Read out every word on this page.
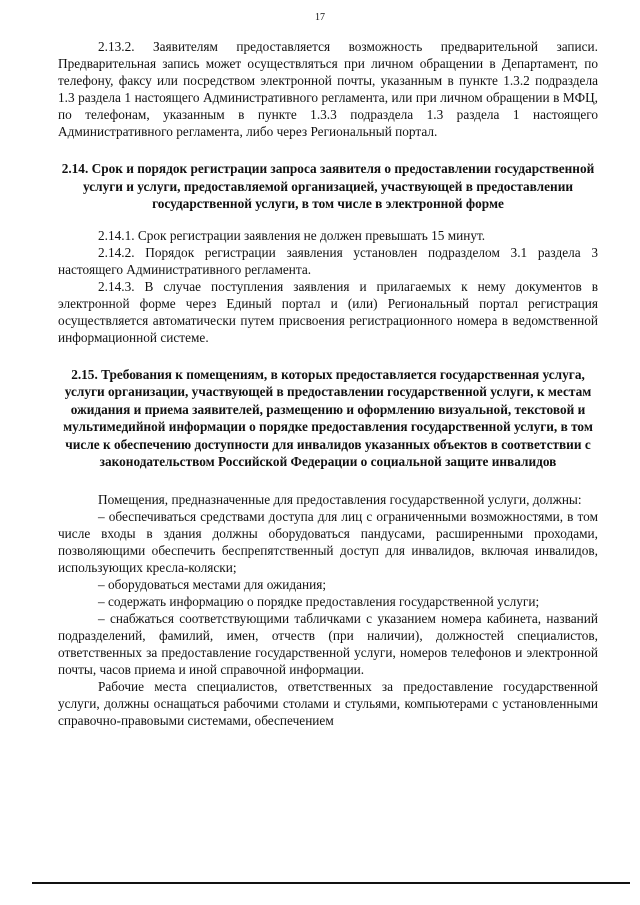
17

2.13.2. Заявителям предоставляется возможность предварительной записи. Предварительная запись может осуществляться при личном обращении в Департамент, по телефону, факсу или посредством электронной почты, указанным в пункте 1.3.2 подраздела 1.3 раздела 1 настоящего Административного регламента, или при личном обращении в МФЦ, по телефонам, указанным в пункте 1.3.3 подраздела 1.3 раздела 1 настоящего Административного регламента, либо через Региональный портал.

2.14. Срок и порядок регистрации запроса заявителя о предоставлении государственной услуги и услуги, предоставляемой организацией, участвующей в предоставлении государственной услуги, в том числе в электронной форме

2.14.1. Срок регистрации заявления не должен превышать 15 минут.

2.14.2. Порядок регистрации заявления установлен подразделом 3.1 раздела 3 настоящего Административного регламента.

2.14.3. В случае поступления заявления и прилагаемых к нему документов в электронной форме через Единый портал и (или) Региональный портал регистрация осуществляется автоматически путем присвоения регистрационного номера в ведомственной информационной системе.

2.15. Требования к помещениям, в которых предоставляется государственная услуга, услуги организации, участвующей в предоставлении государственной услуги, к местам ожидания и приема заявителей, размещению и оформлению визуальной, текстовой и мультимедийной информации о порядке предоставления государственной услуги, в том числе к обеспечению доступности для инвалидов указанных объектов в соответствии с законодательством Российской Федерации о социальной защите инвалидов

Помещения, предназначенные для предоставления государственной услуги, должны:

– обеспечиваться средствами доступа для лиц с ограниченными возможностями, в том числе входы в здания должны оборудоваться пандусами, расширенными проходами, позволяющими обеспечить беспрепятственный доступ для инвалидов, включая инвалидов, использующих кресла-коляски;

– оборудоваться местами для ожидания;

– содержать информацию о порядке предоставления государственной услуги;

– снабжаться соответствующими табличками с указанием номера кабинета, названий подразделений, фамилий, имен, отчеств (при наличии), должностей специалистов, ответственных за предоставление государственной услуги, номеров телефонов и электронной почты, часов приема и иной справочной информации.

Рабочие места специалистов, ответственных за предоставление государственной услуги, должны оснащаться рабочими столами и стульями, компьютерами с установленными справочно-правовыми системами, обеспечением
